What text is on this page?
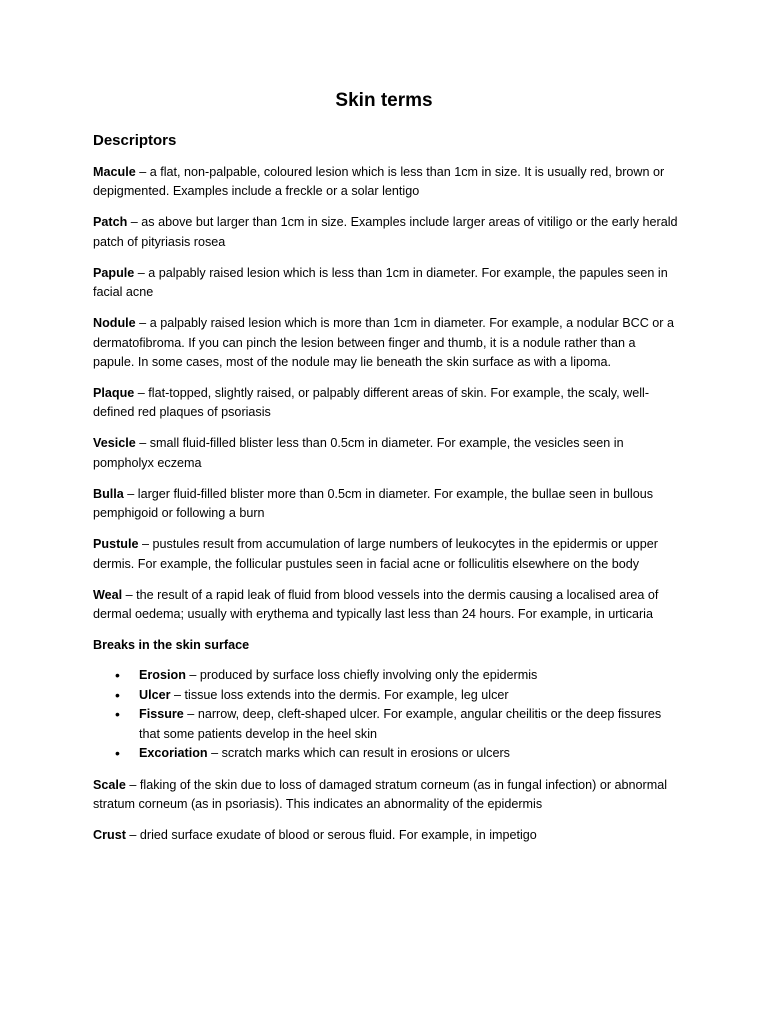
Skin terms
Descriptors

Macule – a flat, non-palpable, coloured lesion which is less than 1cm in size. It is usually red, brown or depigmented. Examples include a freckle or a solar lentigo

Patch – as above but larger than 1cm in size. Examples include larger areas of vitiligo or the early herald patch of pityriasis rosea

Papule – a palpably raised lesion which is less than 1cm in diameter. For example, the papules seen in facial acne

Nodule – a palpably raised lesion which is more than 1cm in diameter. For example, a nodular BCC or a dermatofibroma. If you can pinch the lesion between finger and thumb, it is a nodule rather than a papule. In some cases, most of the nodule may lie beneath the skin surface as with a lipoma.

Plaque – flat-topped, slightly raised, or palpably different areas of skin. For example, the scaly, well-defined red plaques of psoriasis

Vesicle – small fluid-filled blister less than 0.5cm in diameter. For example, the vesicles seen in pompholyx eczema

Bulla – larger fluid-filled blister more than 0.5cm in diameter. For example, the bullae seen in bullous pemphigoid or following a burn

Pustule – pustules result from accumulation of large numbers of leukocytes in the epidermis or upper dermis. For example, the follicular pustules seen in facial acne or folliculitis elsewhere on the body

Weal – the result of a rapid leak of fluid from blood vessels into the dermis causing a localised area of dermal oedema; usually with erythema and typically last less than 24 hours. For example, in urticaria

Breaks in the skin surface

• Erosion – produced by surface loss chiefly involving only the epidermis
• Ulcer – tissue loss extends into the dermis. For example, leg ulcer
• Fissure – narrow, deep, cleft-shaped ulcer. For example, angular cheilitis or the deep fissures that some patients develop in the heel skin
• Excoriation – scratch marks which can result in erosions or ulcers

Scale – flaking of the skin due to loss of damaged stratum corneum (as in fungal infection) or abnormal stratum corneum (as in psoriasis). This indicates an abnormality of the epidermis

Crust – dried surface exudate of blood or serous fluid. For example, in impetigo
